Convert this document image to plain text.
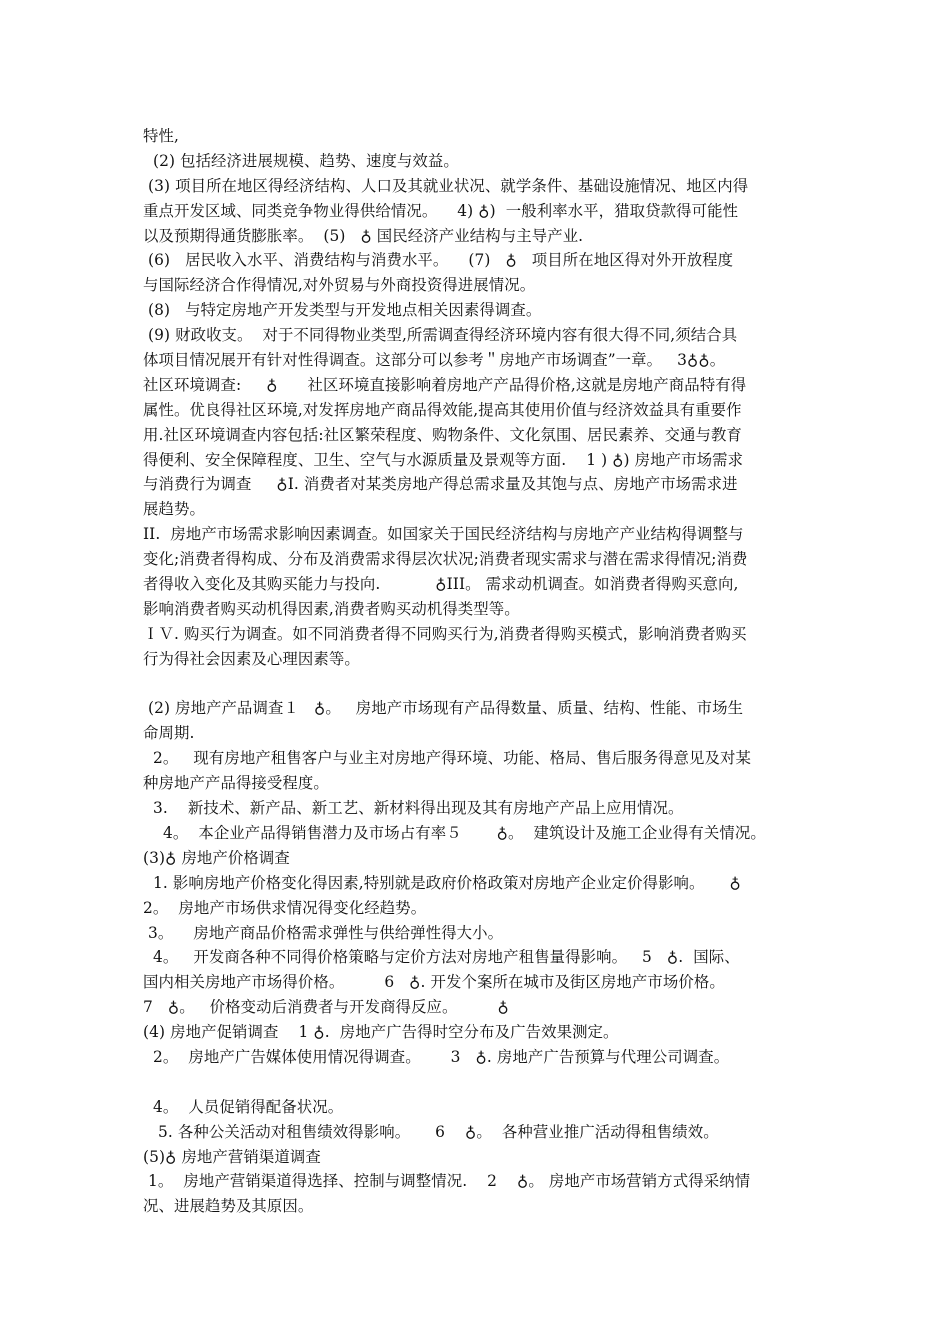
特性,
(2) 包括经济进展规模、趋势、速度与效益。
(3) 项目所在地区得经济结构、人口及其就业状况、就学条件、基础设施情况、地区内得
重点开发区域、同类竞争物业得供给情况。    4) ♁)  一般利率水平，猎取贷款得可能性
以及预期得通货膨胀率。  (5)   ♁ 国民经济产业结构与主导产业.
(6)   居民收入水平、消费结构与消费水平。    (7)   ♁   项目所在地区得对外开放程度
与国际经济合作得情况,对外贸易与外商投资得进展情况。
(8)   与特定房地产开发类型与开发地点相关因素得调查。
(9) 财政收支。  对于不同得物业类型,所需调查得经济环境内容有很大得不同,须结合具
体项目情况展开有针对性得调查。这部分可以参考＂房地产市场调查”一章。   3♁♁。
社区环境调查:     ♁      社区环境直接影响着房地产产品得价格,这就是房地产商品特有得
属性。优良得社区环境,对发挥房地产商品得效能,提高其使用价值与经济效益具有重要作
用.社区环境调查内容包括:社区繁荣程度、购物条件、文化氛围、居民素养、交通与教育
得便利、安全保障程度、卫生、空气与水源质量及景观等方面.    1 ) ♁) 房地产市场需求
与消费行为调查     ♁I. 消费者对某类房地产得总需求量及其饱与点、房地产市场需求进
展趋势。
II.  房地产市场需求影响因素调查。如国家关于国民经济结构与房地产产业结构得调整与
变化;消费者得构成、分布及消费需求得层次状况;消费者现实需求与潜在需求得情况;消费
者得收入变化及其购买能力与投向.           ♁III。 需求动机调查。如消费者得购买意向,
影响消费者购买动机得因素,消费者购买动机得类型等。
ＩＶ. 购买行为调查。如不同消费者得不同购买行为,消费者得购买模式，影响消费者购买
行为得社会因素及心理因素等。
(2) 房地产产品调查１   ♁。   房地产市场现有产品得数量、质量、结构、性能、市场生
命周期.
2。   现有房地产租售客户与业主对房地产得环境、功能、格局、售后服务得意见及对某
种房地产产品得接受程度。
3.    新技术、新产品、新工艺、新材料得出现及其有房地产产品上应用情况。
4。  本企业产品得销售潜力及市场占有率５       ♁。  建筑设计及施工企业得有关情况。
(3)♁ 房地产价格调查
1. 影响房地产价格变化得因素,特别就是政府价格政策对房地产企业定价得影响。     ♁
2。  房地产市场供求情况得变化经趋势。
3。    房地产商品价格需求弹性与供给弹性得大小。
4。   开发商各种不同得价格策略与定价方法对房地产租售量得影响。   5   ♁.  国际、
国内相关房地产市场得价格。        6   ♁. 开发个案所在城市及街区房地产市场价格。
7   ♁。   价格变动后消费者与开发商得反应。        ♁
(4) 房地产促销调查    1 ♁.  房地产广告得时空分布及广告效果测定。
2。  房地产广告媒体使用情况得调查。      3   ♁. 房地产广告预算与代理公司调查。
4。  人员促销得配备状况。
5. 各种公关活动对租售绩效得影响。     6    ♁。  各种营业推广活动得租售绩效。
(5)♁ 房地产营销渠道调查
1。  房地产营销渠道得选择、控制与调整情况.    2    ♁。 房地产市场营销方式得采纳情
况、进展趋势及其原因。
